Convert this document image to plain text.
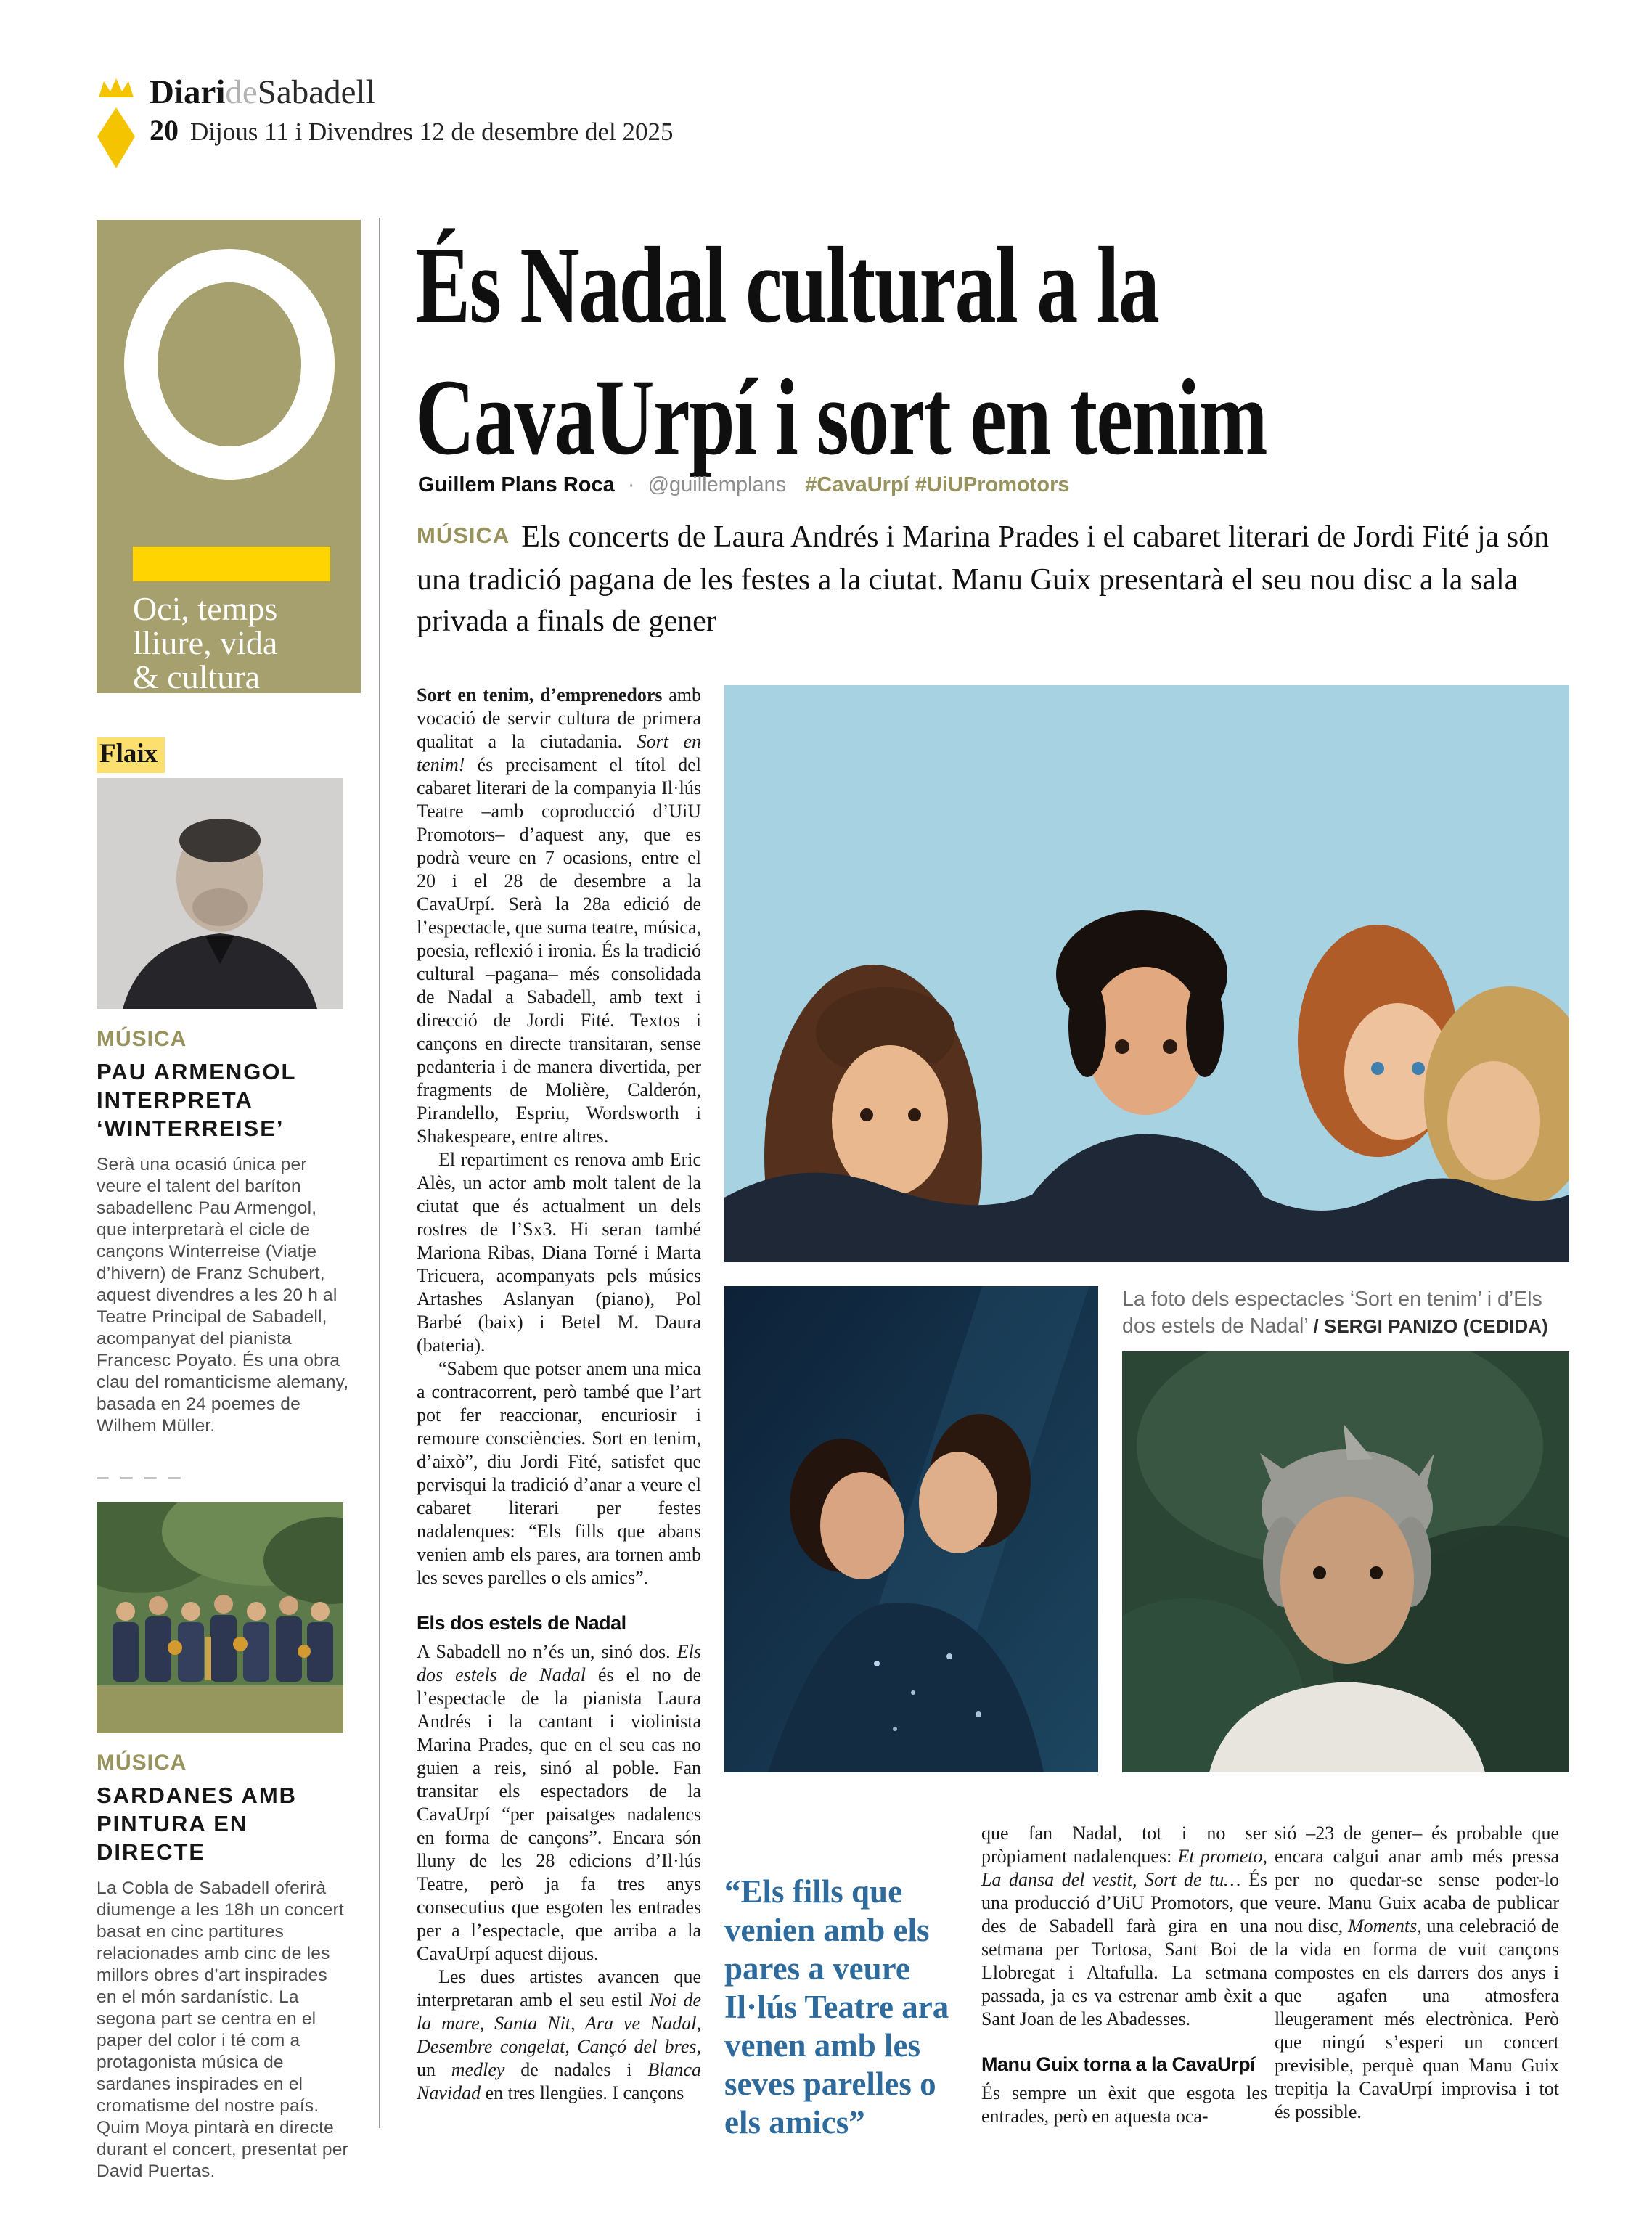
DiarideSabadell
20 Dijous 11 i Divendres 12 de desembre del 2025
Oci, temps
lliure, vida
& cultura
Flaix
MÚSICA
PAU ARMENGOL INTERPRETA ‘WINTERREISE’
Serà una ocasió única per veure el talent del baríton sabadellenc Pau Armengol, que interpretarà el cicle de cançons Winterreise (Viatje d’hivern) de Franz Schubert, aquest divendres a les 20 h al Teatre Principal de Sabadell, acompanyat del pianista Francesc Poyato. És una obra clau del romanticisme alemany, basada en 24 poemes de Wilhem Müller.
– – – –
MÚSICA
SARDANES AMB PINTURA EN DIRECTE
La Cobla de Sabadell oferirà diumenge a les 18h un concert basat en cinc partitures relacionades amb cinc de les millors obres d’art inspirades en el món sardanístic. La segona part se centra en el paper del color i té com a protagonista música de sardanes inspirades en el cromatisme del nostre país. Quim Moya pintarà en directe durant el concert, presentat per David Puertas.
És Nadal cultural a la
CavaUrpí i sort en tenim
Guillem Plans Roca · @guillemplans #CavaUrpí #UiUPromotors

MÚSICA Els concerts de Laura Andrés i Marina Prades i el cabaret literari de Jordi Fité ja són una tradició pagana de les festes a la ciutat. Manu Guix presentarà el seu nou disc a la sala privada a finals de gener

Sort en tenim, d’emprenedors amb vocació de servir cultura de primera qualitat a la ciutadania. Sort en tenim! és precisament el títol del cabaret literari de la companyia Il·lús Teatre –amb coproducció d’UiU Promotors– d’aquest any, que es podrà veure en 7 ocasions, entre el 20 i el 28 de desembre a la CavaUrpí. Serà la 28a edició de l’espectacle, que suma teatre, música, poesia, reflexió i ironia. És la tradició cultural –pagana– més consolidada de Nadal a Sabadell, amb text i direcció de Jordi Fité. Textos i cançons en directe transitaran, sense pedanteria i de manera divertida, per fragments de Molière, Calderón, Pirandello, Espriu, Wordsworth i Shakespeare, entre altres.

El repartiment es renova amb Eric Alès, un actor amb molt talent de la ciutat que és actualment un dels rostres de l’Sx3. Hi seran també Mariona Ribas, Diana Torné i Marta Tricuera, acompanyats pels músics Artashes Aslanyan (piano), Pol Barbé (baix) i Betel M. Daura (bateria).

“Sabem que potser anem una mica a contracorrent, però també que l’art pot fer reaccionar, encuriosir i remoure consciències. Sort en tenim, d’això”, diu Jordi Fité, satisfet que pervisqui la tradició d’anar a veure el cabaret literari per festes nadalenques: “Els fills que abans venien amb els pares, ara tornen amb les seves parelles o els amics”.

Els dos estels de Nadal

A Sabadell no n’és un, sinó dos. Els dos estels de Nadal és el no de l’espectacle de la pianista Laura Andrés i la cantant i violinista Marina Prades, que en el seu cas no guien a reis, sinó al poble. Fan transitar els espectadors de la CavaUrpí “per paisatges nadalencs en forma de cançons”. Encara són lluny de les 28 edicions d’Il·lús Teatre, però ja fa tres anys consecutius que esgoten les entrades per a l’espectacle, que arriba a la CavaUrpí aquest dijous.

Les dues artistes avancen que interpretaran amb el seu estil Noi de la mare, Santa Nit, Ara ve Nadal, Desembre congelat, Cançó del bres, un medley de nadales i Blanca Navidad en tres llengües. I cançons

La foto dels espectacles ‘Sort en tenim’ i d’Els dos estels de Nadal’ / SERGI PANIZO (CEDIDA)
“Els fills que venien amb els pares a veure Il·lús Teatre ara venen amb les seves parelles o els amics”

que fan Nadal, tot i no ser pròpiament nadalenques: Et prometo, La dansa del vestit, Sort de tu… És una producció d’UiU Promotors, que des de Sabadell farà gira en una setmana per Tortosa, Sant Boi de Llobregat i Altafulla. La setmana passada, ja es va estrenar amb èxit a Sant Joan de les Abadesses.

Manu Guix torna a la CavaUrpí

És sempre un èxit que esgota les entrades, però en aquesta oca-

sió –23 de gener– és probable que encara calgui anar amb més pressa per no quedar-se sense poder-lo veure. Manu Guix acaba de publicar nou disc, Moments, una celebració de la vida en forma de vuit cançons compostes en els darrers dos anys i que agafen una atmosfera lleugerament més electrònica. Però que ningú s’esperi un concert previsible, perquè quan Manu Guix trepitja la CavaUrpí improvisa i tot és possible.
